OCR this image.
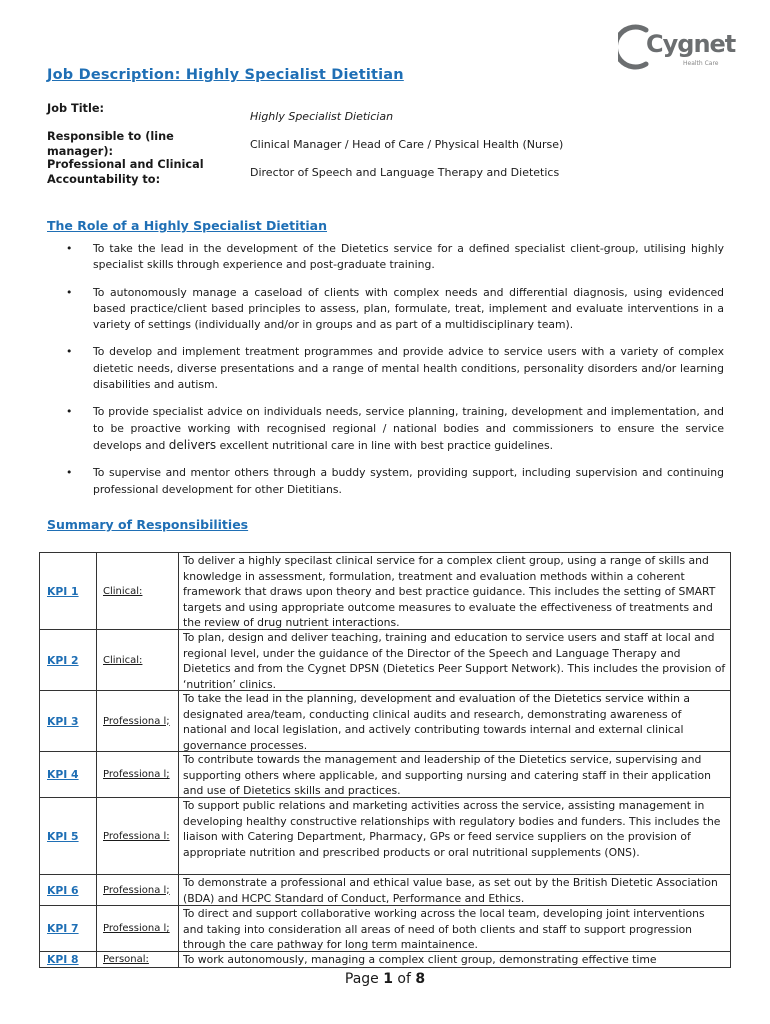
Cygnet
Health Care
Job Description: Highly Specialist Dietitian
Job Title:
Highly Specialist Dietician
Responsible to (line
manager):
Clinical Manager / Head of Care / Physical Health (Nurse)
Professional and Clinical
Accountability to:
Director of Speech and Language Therapy and Dietetics
The Role of a Highly Specialist Dietitian
• To take the lead in the development of the Dietetics service for a defined specialist client-group, utilising highly specialist skills through experience and post-graduate training.
• To autonomously manage a caseload of clients with complex needs and differential diagnosis, using evidenced based practice/client based principles to assess, plan, formulate, treat, implement and evaluate interventions in a variety of settings (individually and/or in groups and as part of a multidisciplinary team).
• To develop and implement treatment programmes and provide advice to service users with a variety of complex dietetic needs, diverse presentations and a range of mental health conditions, personality disorders and/or learning disabilities and autism.
• To provide specialist advice on individuals needs, service planning, training, development and implementation, and to be proactive working with recognised regional / national bodies and commissioners to ensure the service develops and delivers excellent nutritional care in line with best practice guidelines.
• To supervise and mentor others through a buddy system, providing support, including supervision and continuing professional development for other Dietitians.
Summary of Responsibilities
KPI 1	Clinical:	To deliver a highly specilast clinical service for a complex client group, using a range of skills and knowledge in assessment, formulation, treatment and evaluation methods within a coherent framework that draws upon theory and best practice guidance. This includes the setting of SMART targets and using appropriate outcome measures to evaluate the effectiveness of treatments and the review of drug nutrient interactions.

KPI 2	Clinical:	To plan, design and deliver teaching, training and education to service users and staff at local and regional level, under the guidance of the Director of the Speech and Language Therapy and Dietetics and from the Cygnet DPSN (Dietetics Peer Support Network). This includes the provision of ‘nutrition’ clinics.

KPI 3	Professiona l;	To take the lead in the planning, development and evaluation of the Dietetics service within a designated area/team, conducting clinical audits and research, demonstrating awareness of national and local legislation, and actively contributing towards internal and external clinical governance processes.

KPI 4	Professiona l;	To contribute towards the management and leadership of the Dietetics service, supervising and supporting others where applicable, and supporting nursing and catering staff in their application and use of Dietetics skills and practices.

KPI 5	Professiona l:	To support public relations and marketing activities across the service, assisting management in developing healthy constructive relationships with regulatory bodies and funders. This includes the liaison with Catering Department, Pharmacy, GPs or feed service suppliers on the provision of appropriate nutrition and prescribed products or oral nutritional supplements (ONS).

KPI 6	Professiona l;	To demonstrate a professional and ethical value base, as set out by the British Dietetic Association (BDA) and HCPC Standard of Conduct, Performance and Ethics.

KPI 7	Professiona l;	To direct and support collaborative working across the local team, developing joint interventions and taking into consideration all areas of need of both clients and staff to support progression through the care pathway for long term maintainence.

KPI 8	Personal:	To work autonomously, managing a complex client group, demonstrating effective time
Page 1 of 8
